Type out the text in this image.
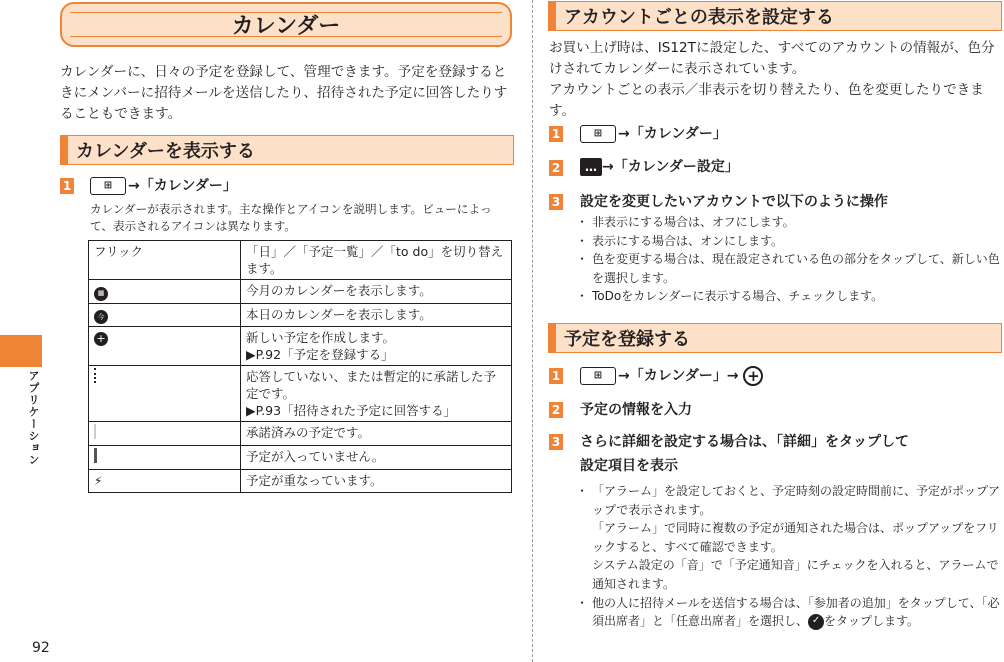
アプリケーション
92
カレンダー
カレンダーに、日々の予定を登録して、管理できます。予定を登録するときにメンバーに招待メールを送信したり、招待された予定に回答したりすることもできます。
カレンダーを表示する
1	⊞ →「カレンダー」
カレンダーが表示されます。主な操作とアイコンを説明します。ビューによって、表示されるアイコンは異なります。
フリック	「日」／「予定一覧」／「to do」を切り替えます。
▦	今月のカレンダーを表示します。
今	本日のカレンダーを表示します。
+	新しい予定を作成します。
▶P.92「予定を登録する」

	応答していない、または暫定的に承諾した予定です。
▶P.93「招待された予定に回答する」

	承諾済みの予定です。
	予定が入っていません。
⚡	予定が重なっています。
アカウントごとの表示を設定する
お買い上げ時は、IS12Tに設定した、すべてのアカウントの情報が、色分けされてカレンダーに表示されています。
アカウントごとの表示／非表示を切り替えたり、色を変更したりできます。
1	⊞ →「カレンダー」
2	… →「カレンダー設定」
3 設定を変更したいアカウントで以下のように操作
・ 非表示にする場合は、オフにします。
・ 表示にする場合は、オンにします。
・ 色を変更する場合は、現在設定されている色の部分をタップして、新しい色を選択します。
・ ToDoをカレンダーに表示する場合、チェックします。
予定を登録する
1	⊞ →「カレンダー」→ +
2 予定の情報を入力
3 さらに詳細を設定する場合は、「詳細」をタップして
設定項目を表示
・ 「アラーム」を設定しておくと、予定時刻の設定時間前に、予定がポップアップで表示されます。
「アラーム」で同時に複数の予定が通知された場合は、ポップアップをフリックすると、すべて確認できます。
システム設定の「音」で「予定通知音」にチェックを入れると、アラームで通知されます。
・ 他の人に招待メールを送信する場合は、「参加者の追加」をタップして、「必須出席者」と「任意出席者」を選択し、 ✓ をタップします。
